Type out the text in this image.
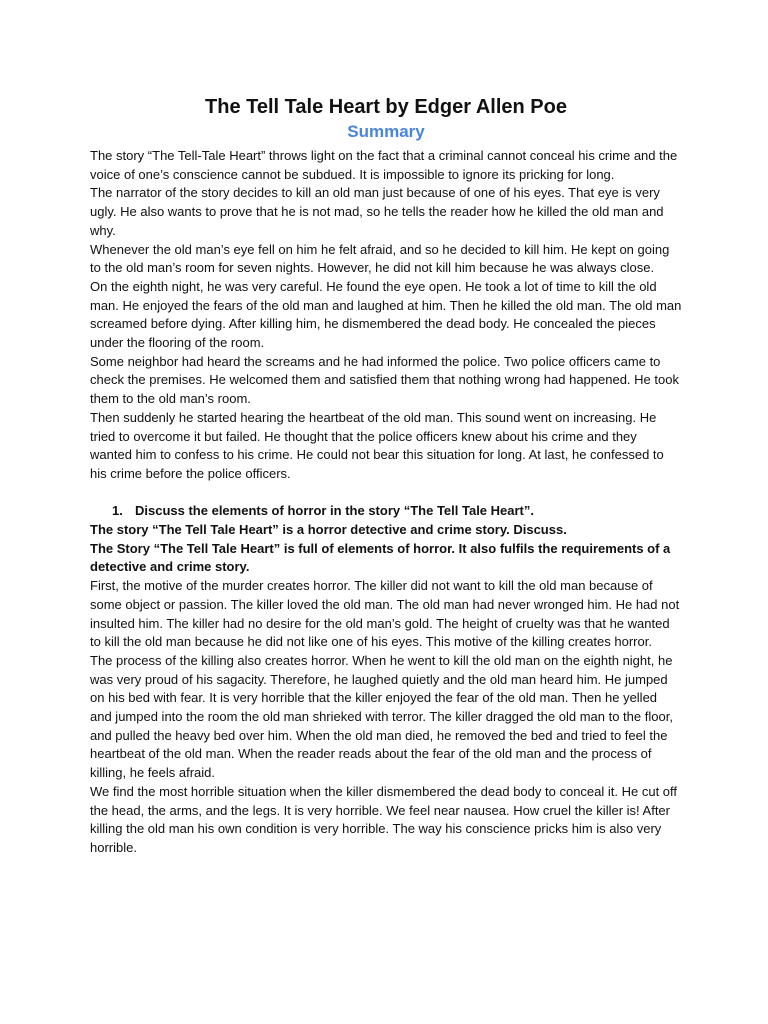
The Tell Tale Heart by Edger Allen Poe
Summary

The story “The Tell-Tale Heart” throws light on the fact that a criminal cannot conceal his crime and the voice of one’s conscience cannot be subdued. It is impossible to ignore its pricking for long.

The narrator of the story decides to kill an old man just because of one of his eyes. That eye is very ugly. He also wants to prove that he is not mad, so he tells the reader how he killed the old man and why.

Whenever the old man’s eye fell on him he felt afraid, and so he decided to kill him. He kept on going to the old man’s room for seven nights. However, he did not kill him because he was always close.

On the eighth night, he was very careful. He found the eye open. He took a lot of time to kill the old man. He enjoyed the fears of the old man and laughed at him. Then he killed the old man. The old man screamed before dying. After killing him, he dismembered the dead body. He concealed the pieces under the flooring of the room.

Some neighbor had heard the screams and he had informed the police. Two police officers came to check the premises. He welcomed them and satisfied them that nothing wrong had happened. He took them to the old man’s room.

Then suddenly he started hearing the heartbeat of the old man. This sound went on increasing. He tried to overcome it but failed. He thought that the police officers knew about his crime and they wanted him to confess to his crime. He could not bear this situation for long. At last, he confessed to his crime before the police officers.

1. Discuss the elements of horror in the story “The Tell Tale Heart”.

The story “The Tell Tale Heart” is a horror detective and crime story. Discuss.

The Story “The Tell Tale Heart” is full of elements of horror. It also fulfils the requirements of a detective and crime story.

First, the motive of the murder creates horror. The killer did not want to kill the old man because of some object or passion. The killer loved the old man. The old man had never wronged him. He had not insulted him. The killer had no desire for the old man’s gold. The height of cruelty was that he wanted to kill the old man because he did not like one of his eyes. This motive of the killing creates horror.

The process of the killing also creates horror. When he went to kill the old man on the eighth night, he was very proud of his sagacity. Therefore, he laughed quietly and the old man heard him. He jumped on his bed with fear. It is very horrible that the killer enjoyed the fear of the old man. Then he yelled and jumped into the room the old man shrieked with terror. The killer dragged the old man to the floor, and pulled the heavy bed over him. When the old man died, he removed the bed and tried to feel the heartbeat of the old man. When the reader reads about the fear of the old man and the process of killing, he feels afraid.

We find the most horrible situation when the killer dismembered the dead body to conceal it. He cut off the head, the arms, and the legs. It is very horrible. We feel near nausea. How cruel the killer is! After killing the old man his own condition is very horrible. The way his conscience pricks him is also very horrible.
